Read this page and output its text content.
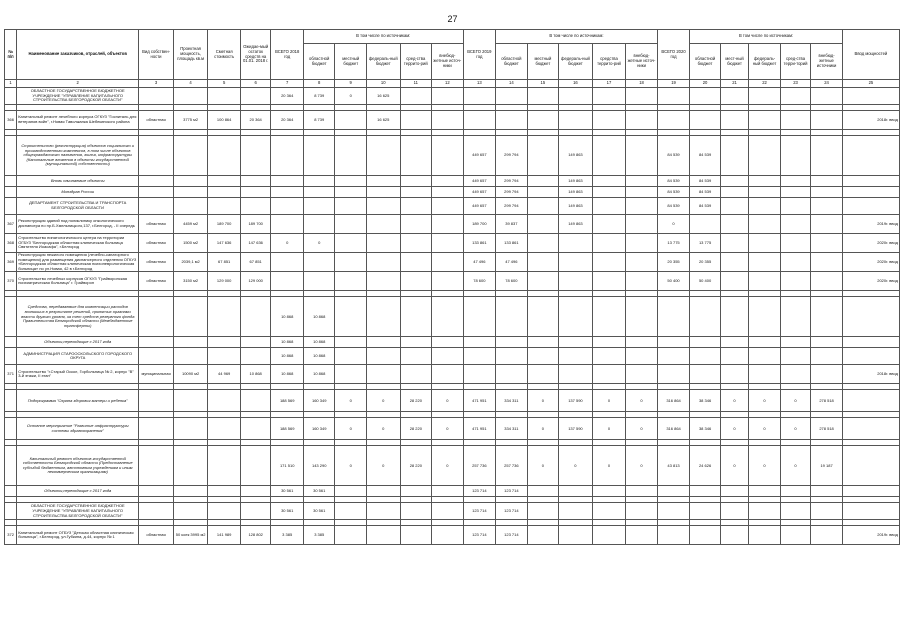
27
№ п/п	Наименование заказчиков, отраслей, объектов	Вид собствен-ности	Проектная мощность, площадь кв.м	Сметная стоимость	Ожидае-мый остаток средств на 01.01. 2018 г.	ВСЕГО 2018 год	В том числе по источникам:					ВСЕГО 2019 год	В том числе по источникам:					ВСЕГО 2020 год	В том числе по источникам:					Ввод мощностей
							областной бюджет	местный бюджет	федераль-ный бюджет	сред-ства террито-рий	внебюд-жетные источ-ники		областной бюджет	местный бюджет	федераль-ный бюджет	средства террито-рий	внебюд-жетные источ-ники		областной бюджет	мест-ный бюджет	федераль-ный бюджет	сред-ства терри-торий	внебюд-жетные источники	
1	2	3	4	5	6	7	8	9	10	11	12	13	14	15	16	17	18	19	20	21	22	23	24	25
	ОБЛАСТНОЕ ГОСУДАРСТВЕННОЕ БЮДЖЕТНОЕ УЧРЕЖДЕНИЕ "УПРАВЛЕНИЕ КАПИТАЛЬНОГО СТРОИТЕЛЬСТВА БЕЛГОРОДСКОЙ ОБЛАСТИ"					20 364	8 739	0	16 625															

366	Капитальный ремонт лечебного корпуса ОГКУЗ "Госпиталь для ветеранов войн", г.Новая Таволжанка Шебекинского района	областная	3775 м2	100 864	20 364	20 364	8 739		16 625															2018г. ввод

	Строительство (реконструкция) объектов социального и производственного комплексов, в том числе объектов общегражданского назначения, жилья, инфраструктуры (Капитальные вложения в объекты государственной (муниципальной) собственности)											449 657	299 794		149 863			84 539	84 539					
	Вновь начинаемые объекты											449 657	299 794		149 863			84 539	84 539					
	Минздрав России											449 657	299 794		149 863			84 539	84 539					
	ДЕПАРТАМЕНТ СТРОИТЕЛЬСТВА И ТРАНСПОРТА БЕЛГОРОДСКОЙ ОБЛАСТИ											449 657	299 794		149 863			84 539	84 539					
367	Реконструкция зданий под поликлинику онкологического диспансера по пр.Б.Хмельницкого,137, г.Белгород, - II очередь	областная	4459 м2	189 700	189 700							189 700	39 837		149 863			0						2019г. ввод
368	Строительство пинатологического центра на территории ОГБУЗ "Белгородская областная клиническая больница Святителя Иоасафа", г.Белгород	областная	1500 м2	147 636	147 636	0	0					133 861	133 861					13 775	13 775					2020г. ввод
369	Реконструкция нежилого помещения (лечебно-санаторного помещения) для размещения диспансерного отделения ОГКУЗ «Белгородская областная клиническая психоневрологическая больница» по ул.Новая, 42 в г.Белгород	областная	2039,1 м2	67 851	67 851							47 496	47 496					20 355	20 355					2020г. ввод
370	Строительство лечебных корпусов ОГКУЗ "Грайворонская психиатрическая больница" г. Грайворон	областная	3150 м2	129 000	129 000							78 600	78 600					50 400	50 400					2020г. ввод

	Средства, передаваемые для компенсации расходов возникших в результате решений, принятых органами власти другого уровня, за счет средств резервного фонда Правительства Белгородской области (Межбюджетные трансферты)					10 868	10 868																	
	Объекты,переходящие с 2017 года					10 868	10 868																	
	АДМИНИСТРАЦИЯ СТАРООСКОЛЬСКОГО ГОРОДСКОГО ОКРУГА					10 868	10 868																	
371	Строительство "г.Старый Оскол, Горбольница № 2, корпус "В" 3-й этажи, II этап"	муниципальная	10090 м2	44 969	10 868	10 868	10 868																	2018г. ввод

	Подпрограмма "Охрана здоровья матери и ребенка"					188 569	160 349	0	0	28 220	0	471 951	334 311	0	137 590	0	0	316 864	38 346	0	0	0	278 518	

	Основное мероприятие "Развитие инфраструктуры системы здравоохранения"					188 569	160 349	0	0	28 220	0	471 951	334 311	0	137 590	0	0	316 864	38 346	0	0	0	278 518	

	Капитальный ремонт объектов государственной собственности Белгородской области (Предоставление субсидий бюджетным, автономным учреждениям и иным некоммерческим организациям)					171 510	143 290	0	0	28 220	0	257 736	257 736	0	0	0	0	43 813	24 626	0	0	0	19 187	
	Объекты,переходящие с 2017 года					30 561	30 561					123 714	123 714											

	ОБЛАСТНОЕ ГОСУДАРСТВЕННОЕ БЮДЖЕТНОЕ УЧРЕЖДЕНИЕ "УПРАВЛЕНИЕ КАПИТАЛЬНОГО СТРОИТЕЛЬСТВА БЕЛГОРОДСКОЙ ОБЛАСТИ"					30 561	30 561					123 714	123 714											

372	Капитальный ремонт ОГБУЗ "Детская областная клиническая больница", г.Белгород, ул.Губкина, д.44, корпус № 1	областная	50 коек 3995 м2	141 989	128 802	3 385	3 385					123 714	123 714											2019г. ввод
